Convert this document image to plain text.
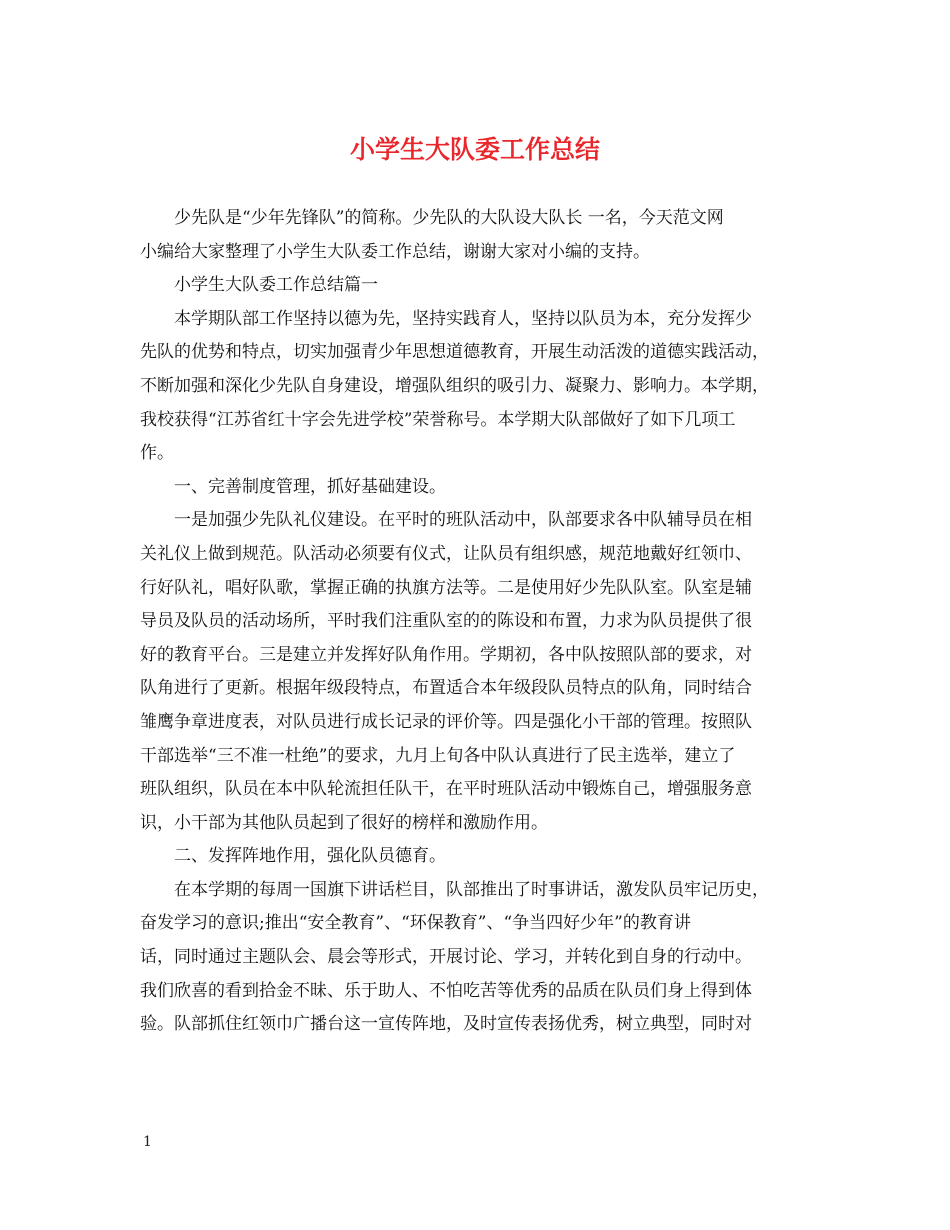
小学生大队委工作总结
少先队是“少年先锋队”的简称。少先队的大队设大队长 一名，今天范文网
小编给大家整理了小学生大队委工作总结，谢谢大家对小编的支持。
小学生大队委工作总结篇一
本学期队部工作坚持以德为先，坚持实践育人，坚持以队员为本，充分发挥少
先队的优势和特点，切实加强青少年思想道德教育，开展生动活泼的道德实践活动，
不断加强和深化少先队自身建设，增强队组织的吸引力、凝聚力、影响力。本学期，
我校获得“江苏省红十字会先进学校”荣誉称号。本学期大队部做好了如下几项工
作。
一、完善制度管理，抓好基础建设。
一是加强少先队礼仪建设。在平时的班队活动中，队部要求各中队辅导员在相
关礼仪上做到规范。队活动必须要有仪式，让队员有组织感，规范地戴好红领巾、
行好队礼，唱好队歌，掌握正确的执旗方法等。二是使用好少先队队室。队室是辅
导员及队员的活动场所，平时我们注重队室的的陈设和布置，力求为队员提供了很
好的教育平台。三是建立并发挥好队角作用。学期初，各中队按照队部的要求，对
队角进行了更新。根据年级段特点，布置适合本年级段队员特点的队角，同时结合
雏鹰争章进度表，对队员进行成长记录的评价等。四是强化小干部的管理。按照队
干部选举“三不准一杜绝”的要求，九月上旬各中队认真进行了民主选举，建立了
班队组织，队员在本中队轮流担任队干，在平时班队活动中锻炼自己，增强服务意
识，小干部为其他队员起到了很好的榜样和激励作用。
二、发挥阵地作用，强化队员德育。
在本学期的每周一国旗下讲话栏目，队部推出了时事讲话，激发队员牢记历史，
奋发学习的意识;推出“安全教育”、“环保教育”、“争当四好少年”的教育讲
话，同时通过主题队会、晨会等形式，开展讨论、学习，并转化到自身的行动中。
我们欣喜的看到拾金不昧、乐于助人、不怕吃苦等优秀的品质在队员们身上得到体
验。队部抓住红领巾广播台这一宣传阵地，及时宣传表扬优秀，树立典型，同时对
1
